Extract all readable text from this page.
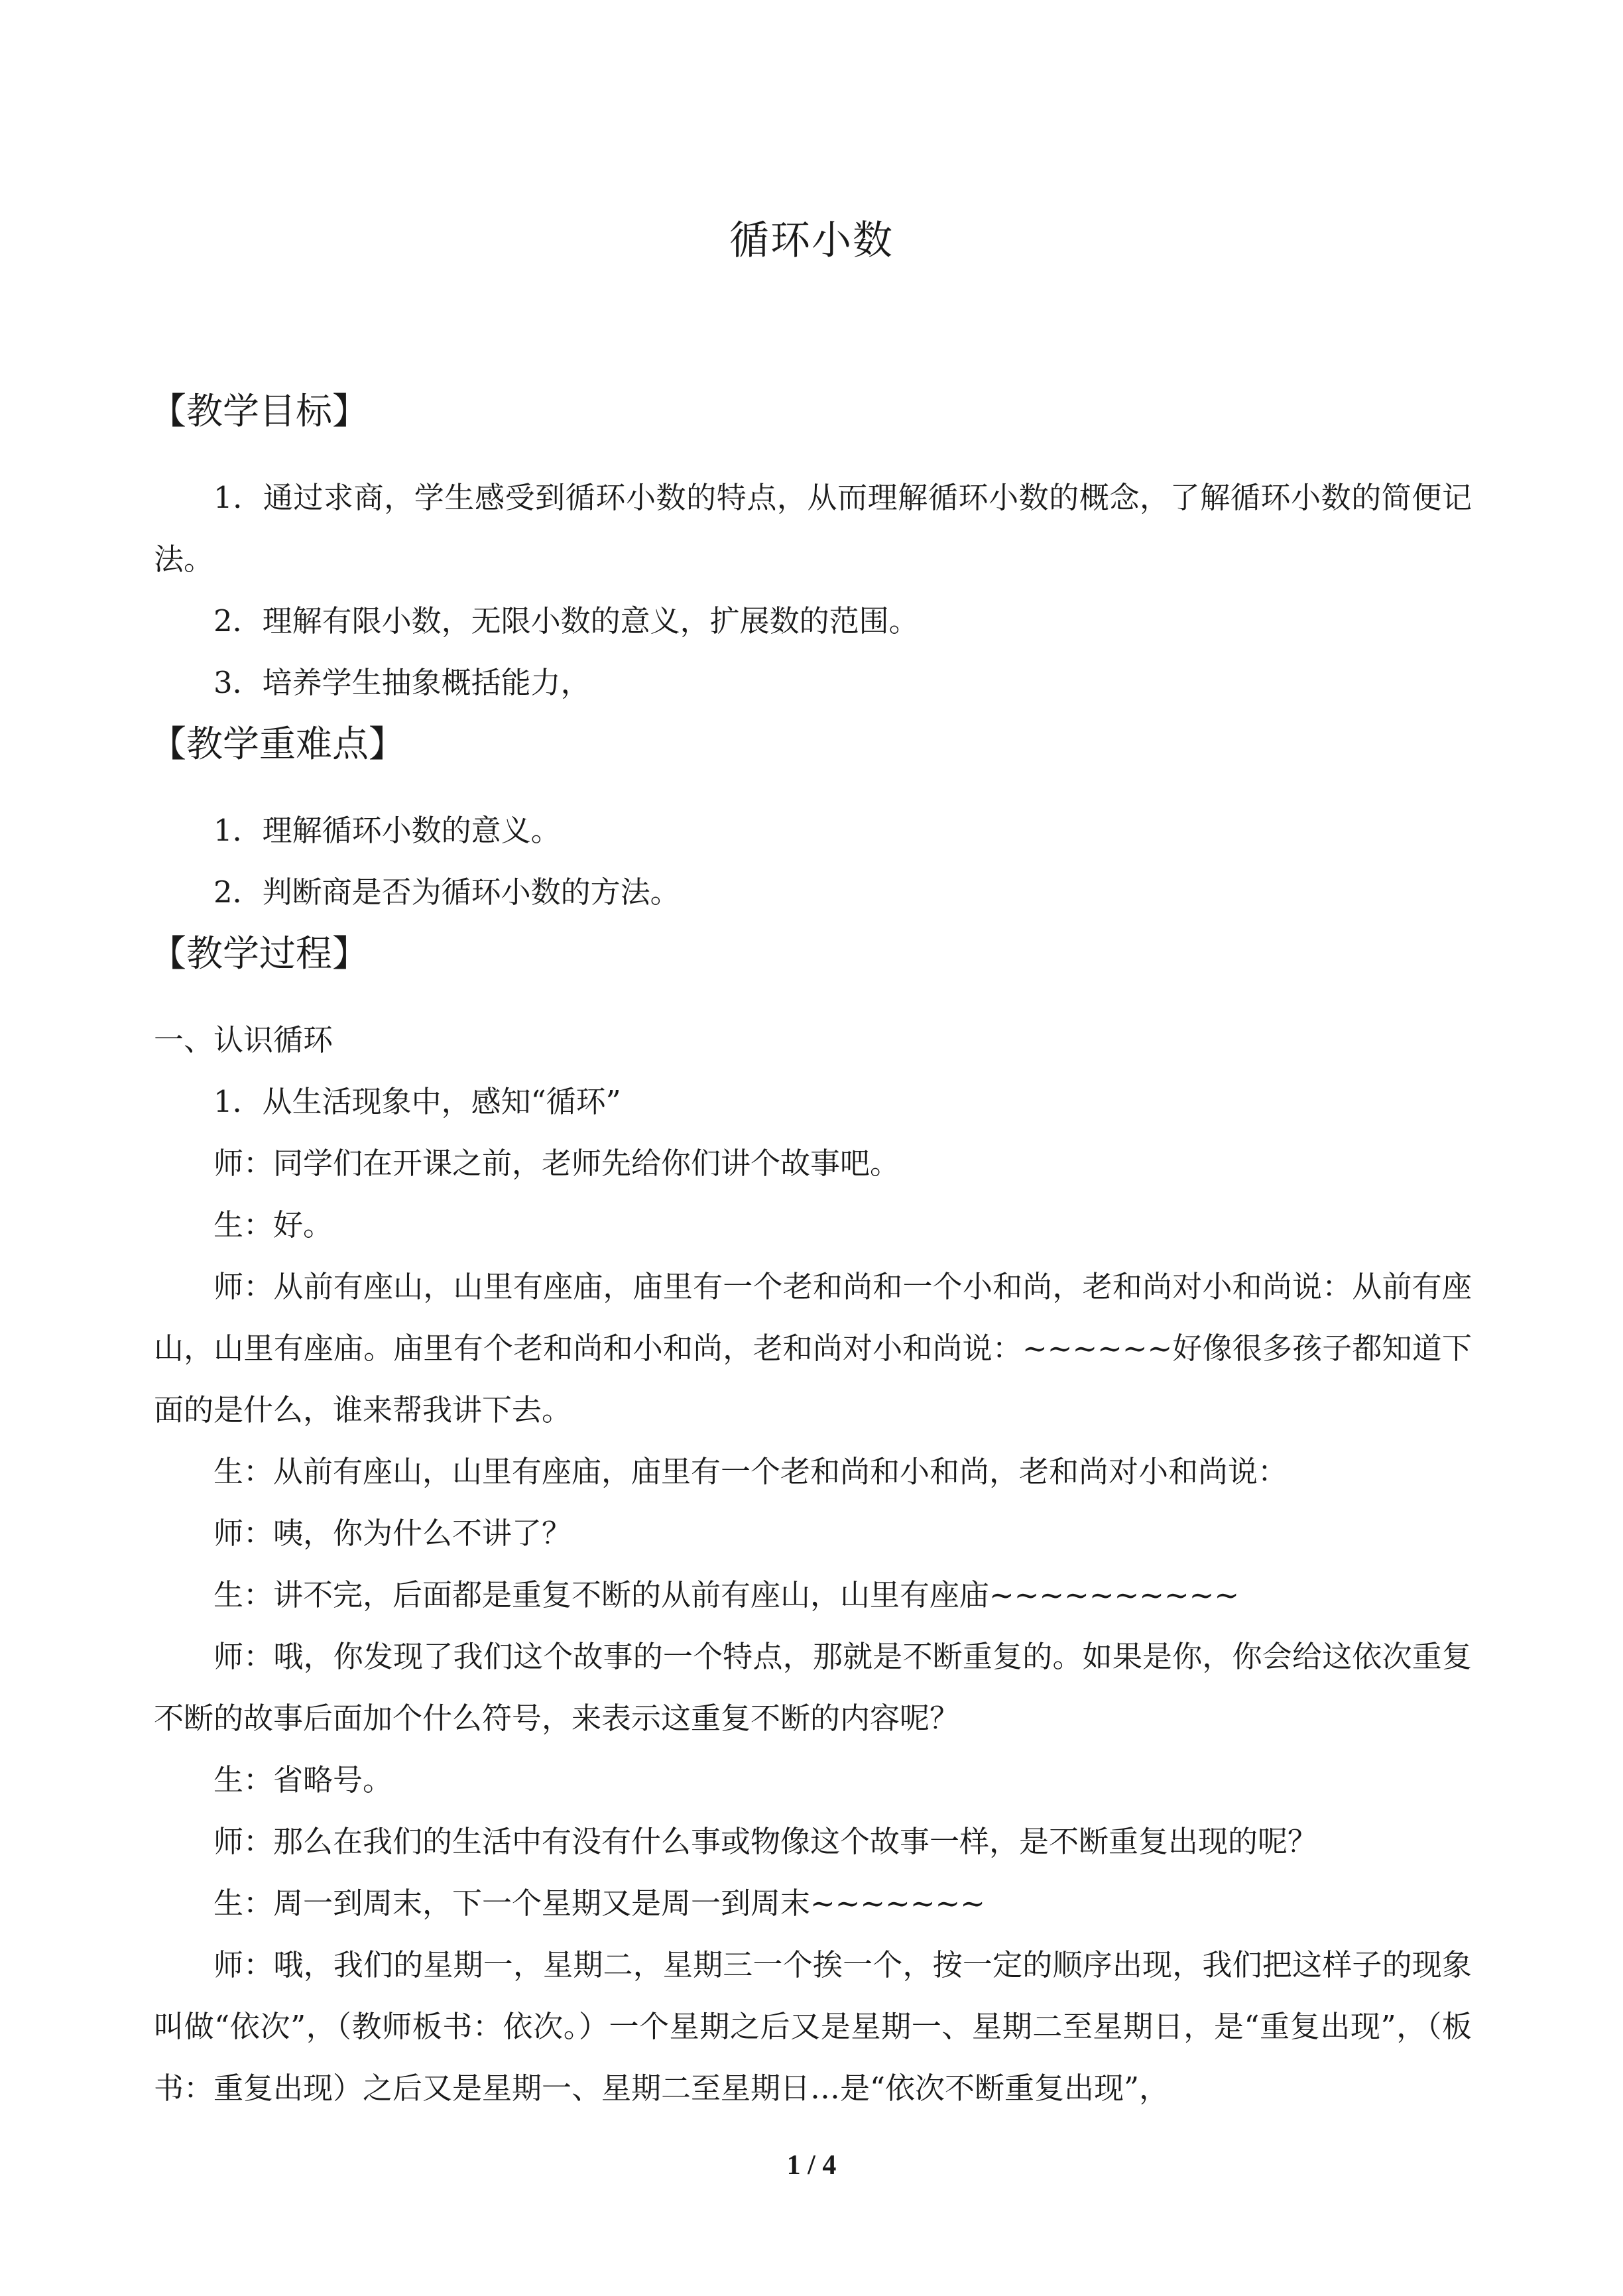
循环小数
【教学目标】

1．通过求商，学生感受到循环小数的特点，从而理解循环小数的概念，了解循环小数的简便记法。

2．理解有限小数，无限小数的意义，扩展数的范围。

3．培养学生抽象概括能力，

【教学重难点】

1．理解循环小数的意义。

2．判断商是否为循环小数的方法。

【教学过程】

一、认识循环

1．从生活现象中，感知“循环”

师：同学们在开课之前，老师先给你们讲个故事吧。

生：好。

师：从前有座山，山里有座庙，庙里有一个老和尚和一个小和尚，老和尚对小和尚说：从前有座山，山里有座庙。庙里有个老和尚和小和尚，老和尚对小和尚说：~~~~~~好像很多孩子都知道下面的是什么，谁来帮我讲下去。

生：从前有座山，山里有座庙，庙里有一个老和尚和小和尚，老和尚对小和尚说：

师：咦，你为什么不讲了？

生：讲不完，后面都是重复不断的从前有座山，山里有座庙~~~~~~~~~~

师：哦，你发现了我们这个故事的一个特点，那就是不断重复的。如果是你，你会给这依次重复不断的故事后面加个什么符号，来表示这重复不断的内容呢？

生：省略号。

师：那么在我们的生活中有没有什么事或物像这个故事一样，是不断重复出现的呢？

生：周一到周末，下一个星期又是周一到周末~~~~~~~

师：哦，我们的星期一，星期二，星期三一个挨一个，按一定的顺序出现，我们把这样子的现象叫做“依次”，（教师板书：依次。）一个星期之后又是星期一、星期二至星期日，是“重复出现”，（板书：重复出现）之后又是星期一、星期二至星期日…是“依次不断重复出现”，

1 / 4
